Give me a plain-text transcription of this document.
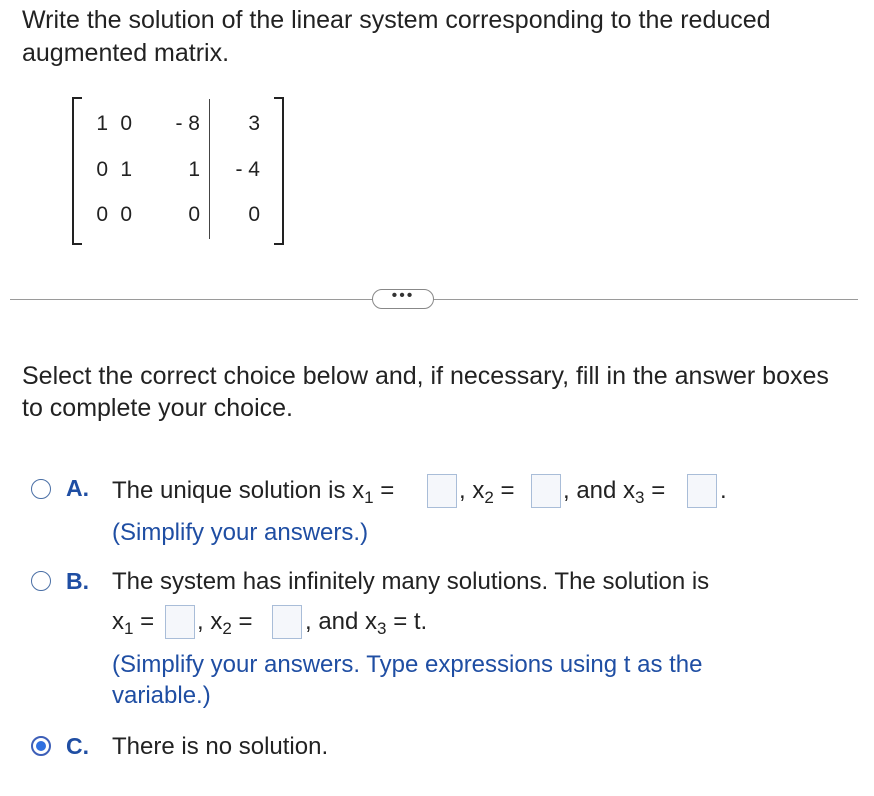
Write the solution of the linear system corresponding to the reduced augmented matrix.
1 0	- 8	3
0 1	1	- 4
0 0	0	0
•••
Select the correct choice below and, if necessary, fill in the answer boxes to complete your choice.
A. The unique solution is $x_1$ =	, $x_2$ = , and $x_3$ = .
(Simplify your answers.)
B. The system has infinitely many solutions. The solution is
$x_1$ = , $x_2$ = , and $x_3 = t$.
(Simplify your answers. Type expressions using t as the variable.)
C. There is no solution.
